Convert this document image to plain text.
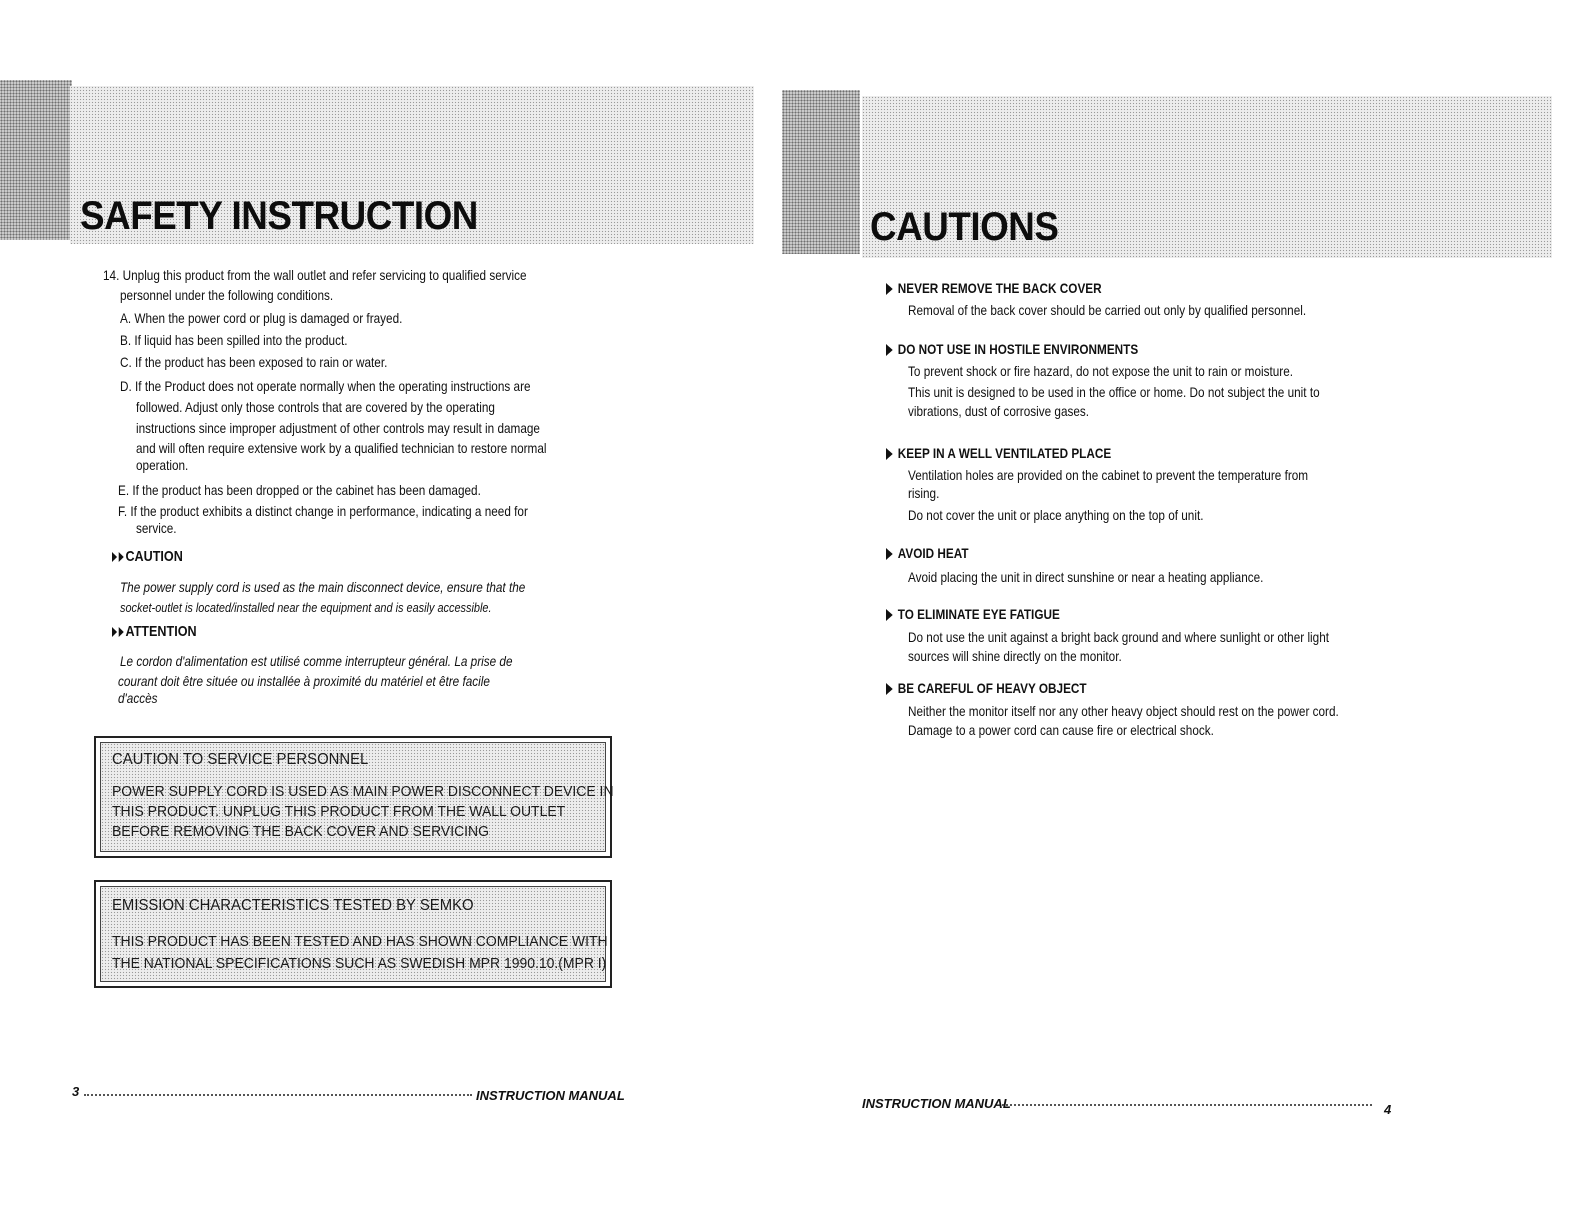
SAFETY INSTRUCTION
14. Unplug this product from the wall outlet and refer servicing to qualified service
personnel under the following conditions.
A. When the power cord or plug is damaged or frayed.
B. If liquid has been spilled into the product.
C. If the product has been exposed to rain or water.
D. If the Product does not operate normally when the operating instructions are
followed. Adjust only those controls that are covered by the operating
instructions since improper adjustment of other controls may result in damage
and will often require extensive work by a qualified technician to restore normal
operation.
E. If the product has been dropped or the cabinet has been damaged.
F. If the product exhibits a distinct change in performance, indicating a need for
service.
CAUTION
The power supply cord is used as the main disconnect device, ensure that the
socket-outlet is located/installed near the equipment and is easily accessible.
ATTENTION
Le cordon d'alimentation est utilisé comme interrupteur général. La prise de
courant doit être située ou installée à proximité du matériel et être facile
d'accès
CAUTION TO SERVICE PERSONNEL
POWER SUPPLY CORD IS USED AS MAIN POWER DISCONNECT DEVICE IN
THIS PRODUCT. UNPLUG THIS PRODUCT FROM THE WALL OUTLET
BEFORE REMOVING THE BACK COVER AND SERVICING
EMISSION CHARACTERISTICS TESTED BY SEMKO
THIS PRODUCT HAS BEEN TESTED AND HAS SHOWN COMPLIANCE WITH
THE NATIONAL SPECIFICATIONS SUCH AS SWEDISH MPR 1990.10.(MPR I)
3	INSTRUCTION MANUAL
CAUTIONS
NEVER REMOVE THE BACK COVER
Removal of the back cover should be carried out only by qualified personnel.
DO NOT USE IN HOSTILE ENVIRONMENTS
To prevent shock or fire hazard, do not expose the unit to rain or moisture.
This unit is designed to be used in the office or home. Do not subject the unit to
vibrations, dust of corrosive gases.
KEEP IN A WELL VENTILATED PLACE
Ventilation holes are provided on the cabinet to prevent the temperature from
rising.
Do not cover the unit or place anything on the top of unit.
AVOID HEAT
Avoid placing the unit in direct sunshine or near a heating appliance.
TO ELIMINATE EYE FATIGUE
Do not use the unit against a bright back ground and where sunlight or other light
sources will shine directly on the monitor.
BE CAREFUL OF HEAVY OBJECT
Neither the monitor itself nor any other heavy object should rest on the power cord.
Damage to a power cord can cause fire or electrical shock.
INSTRUCTION MANUAL	4
